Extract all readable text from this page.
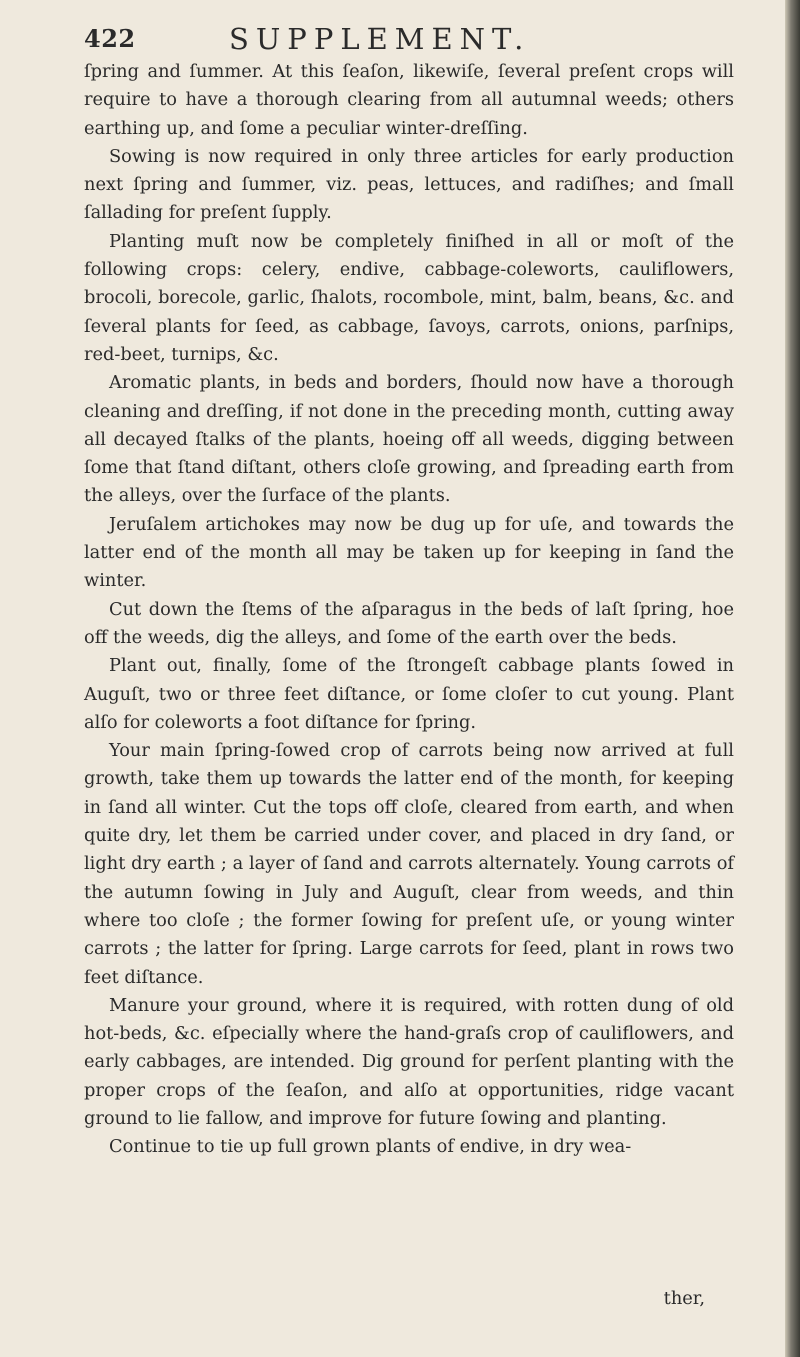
422	SUPPLEMENT.

ſpring and ſummer. At this ſeaſon, likewiſe, ſeveral preſent crops will require to have a thorough clearing from all autumnal weeds; others earthing up, and ſome a peculiar winter-dreſſing.

Sowing is now required in only three articles for early production next ſpring and ſummer, viz. peas, lettuces, and radiſhes; and ſmall ſallading for preſent ſupply.

Planting muſt now be completely finiſhed in all or moſt of the following crops: celery, endive, cabbage-coleworts, cauliflowers, brocoli, borecole, garlic, ſhalots, rocombole, mint, balm, beans, &c. and ſeveral plants for ſeed, as cabbage, ſavoys, carrots, onions, parſnips, red-beet, turnips, &c.

Aromatic plants, in beds and borders, ſhould now have a thorough cleaning and dreſſing, if not done in the preceding month, cutting away all decayed ſtalks of the plants, hoeing off all weeds, digging between ſome that ſtand diſtant, others cloſe growing, and ſpreading earth from the alleys, over the ſurface of the plants.

Jeruſalem artichokes may now be dug up for uſe, and towards the latter end of the month all may be taken up for keeping in ſand the winter.

Cut down the ſtems of the aſparagus in the beds of laſt ſpring, hoe off the weeds, dig the alleys, and ſome of the earth over the beds.

Plant out, finally, ſome of the ſtrongeſt cabbage plants ſowed in Auguſt, two or three feet diſtance, or ſome cloſer to cut young. Plant alſo for coleworts a foot diſtance for ſpring.

Your main ſpring-ſowed crop of carrots being now arrived at full growth, take them up towards the latter end of the month, for keeping in ſand all winter. Cut the tops off cloſe, cleared from earth, and when quite dry, let them be carried under cover, and placed in dry ſand, or light dry earth ; a layer of ſand and carrots alternately. Young carrots of the autumn ſowing in July and Auguſt, clear from weeds, and thin where too cloſe ; the former ſowing for preſent uſe, or young winter carrots ; the latter for ſpring. Large carrots for ſeed, plant in rows two feet diſtance.

Manure your ground, where it is required, with rotten dung of old hot-beds, &c. eſpecially where the hand-graſs crop of cauliflowers, and early cabbages, are intended. Dig ground for perſent planting with the proper crops of the ſeaſon, and alſo at opportunities, ridge vacant ground to lie fallow, and improve for future ſowing and planting.

Continue to tie up full grown plants of endive, in dry wea-

ther,
